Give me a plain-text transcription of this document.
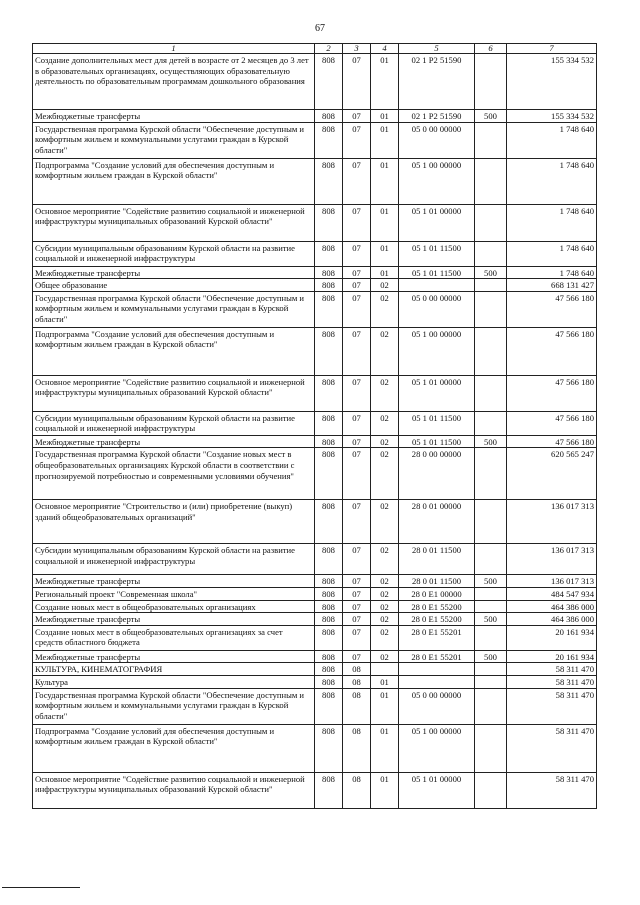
67
1	2	3	4	5	6	7
Создание дополнительных мест для детей в возрасте от 2 месяцев до 3 лет в образовательных организациях, осуществляющих образовательную деятельность по образовательным программам дошкольного образования	808	07	01	02 1 P2 51590		155 334 532
Межбюджетные трансферты	808	07	01	02 1 P2 51590	500	155 334 532
Государственная программа Курской области "Обеспечение доступным и комфортным жильем и коммунальными услугами граждан в Курской области"	808	07	01	05 0 00 00000		1 748 640
Подпрограмма "Создание условий для обеспечения доступным и комфортным жильем граждан в Курской области"	808	07	01	05 1 00 00000		1 748 640
Основное мероприятие "Содействие развитию социальной и инженерной инфраструктуры муниципальных образований Курской области"	808	07	01	05 1 01 00000		1 748 640
Субсидии муниципальным образованиям Курской области на развитие социальной и инженерной инфраструктуры	808	07	01	05 1 01 11500		1 748 640
Межбюджетные трансферты	808	07	01	05 1 01 11500	500	1 748 640
Общее образование	808	07	02			668 131 427
Государственная программа Курской области "Обеспечение доступным и комфортным жильем и коммунальными услугами граждан в Курской области"	808	07	02	05 0 00 00000		47 566 180
Подпрограмма "Создание условий для обеспечения доступным и комфортным жильем граждан в Курской области"	808	07	02	05 1 00 00000		47 566 180
Основное мероприятие "Содействие развитию социальной и инженерной инфраструктуры муниципальных образований Курской области"	808	07	02	05 1 01 00000		47 566 180
Субсидии муниципальным образованиям Курской области на развитие социальной и инженерной инфраструктуры	808	07	02	05 1 01 11500		47 566 180
Межбюджетные трансферты	808	07	02	05 1 01 11500	500	47 566 180
Государственная программа Курской области "Создание новых мест в общеобразовательных организациях Курской области в соответствии с прогнозируемой потребностью и современными условиями обучения"	808	07	02	28 0 00 00000		620 565 247
Основное мероприятие "Строительство и (или) приобретение (выкуп) зданий общеобразовательных организаций"	808	07	02	28 0 01 00000		136 017 313
Субсидии муниципальным образованиям Курской области на развитие социальной и инженерной инфраструктуры	808	07	02	28 0 01 11500		136 017 313
Межбюджетные трансферты	808	07	02	28 0 01 11500	500	136 017 313
Региональный проект "Современная школа"	808	07	02	28 0 E1 00000		484 547 934
Создание новых мест в общеобразовательных организациях	808	07	02	28 0 E1 55200		464 386 000
Межбюджетные трансферты	808	07	02	28 0 E1 55200	500	464 386 000
Создание новых мест в общеобразовательных организациях за счет средств областного бюджета	808	07	02	28 0 E1 55201		20 161 934
Межбюджетные трансферты	808	07	02	28 0 E1 55201	500	20 161 934
КУЛЬТУРА, КИНЕМАТОГРАФИЯ	808	08				58 311 470
Культура	808	08	01			58 311 470
Государственная программа Курской области "Обеспечение доступным и комфортным жильем и коммунальными услугами граждан в Курской области"	808	08	01	05 0 00 00000		58 311 470
Подпрограмма "Создание условий для обеспечения доступным и комфортным жильем граждан в Курской области"	808	08	01	05 1 00 00000		58 311 470
Основное мероприятие "Содействие развитию социальной и инженерной инфраструктуры муниципальных образований Курской области"	808	08	01	05 1 01 00000		58 311 470
